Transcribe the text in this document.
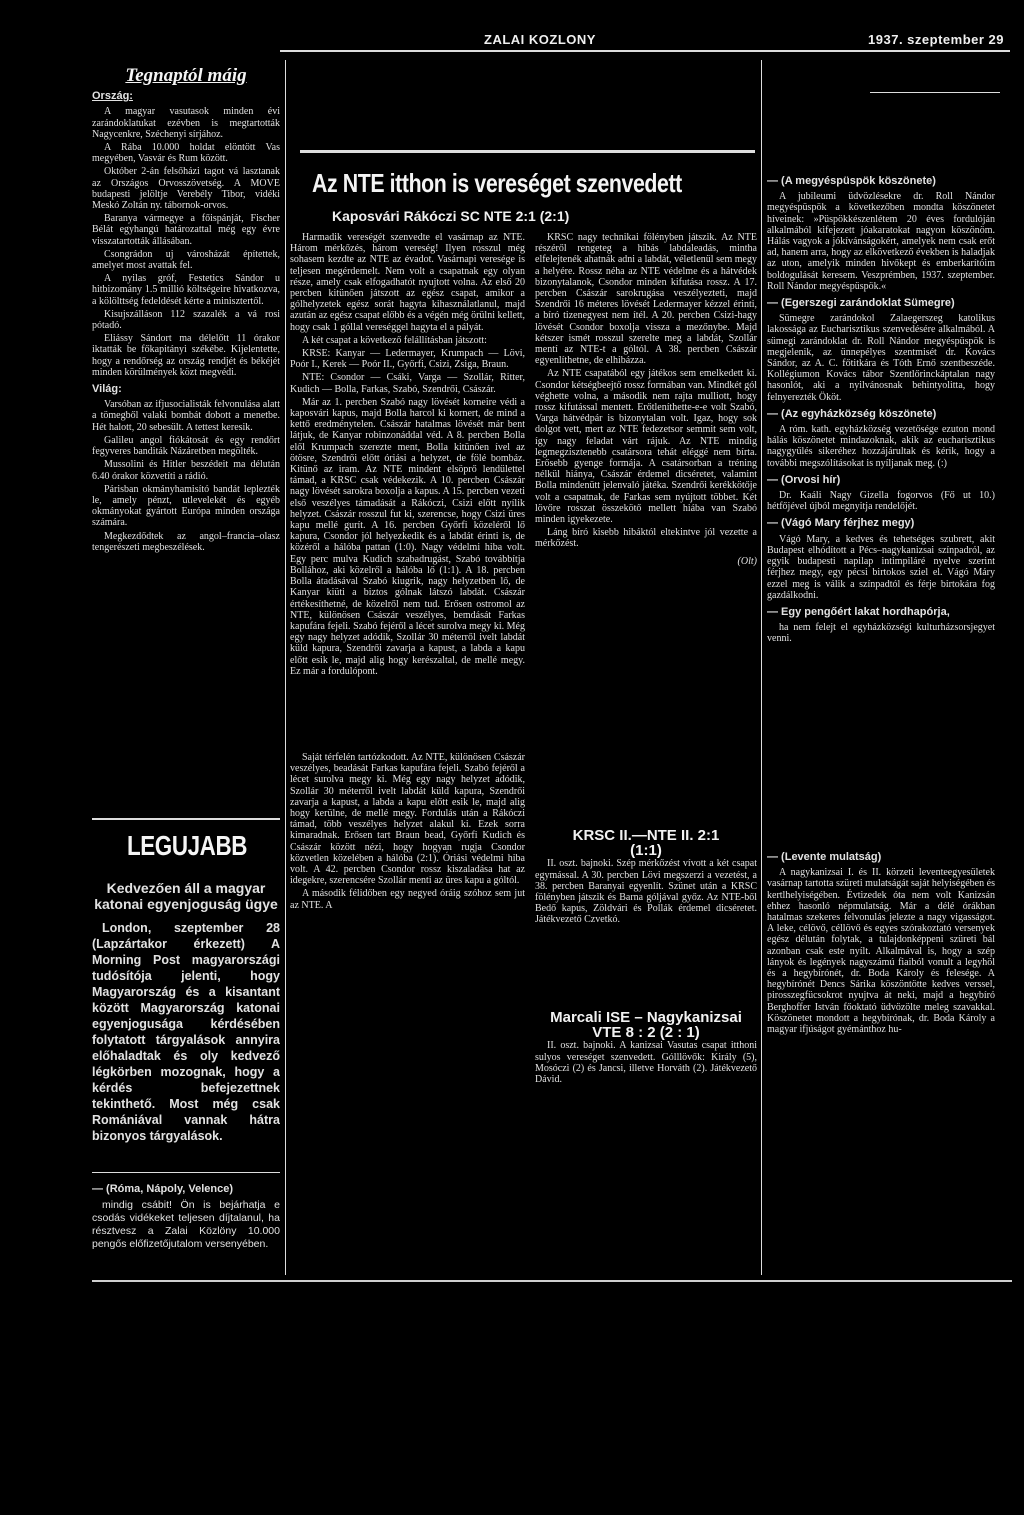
ZALAI KOZLONY	1937. szeptember 29
Tegnaptól máig
Ország:

A magyar vasutasok minden évi zarándoklatukat ezévben is megtartották Nagycenkre, Széchenyi sírjához.

A Rába 10.000 holdat elöntött Vas megyében, Vasvár és Rum között.

Október 2-án felsőházi tagot vá lasztanak az Országos Orvosszövetség. A MOVE budapesti jelöltje Verebély Tibor, vidéki Meskó Zoltán ny. tábornok-orvos.

Baranya vármegye a főispánját, Fischer Bélát egyhangú határozattal még egy évre visszatartották állásában.

Csongrádon uj városházát építettek, amelyet most avattak fel.

A nyilas gróf, Festetics Sándor u hitbizomány 1.5 millió költségeire hivatkozva, a kölölttség fedeldését kérte a minisztertől.

Kisujszálláson 112 szazalék a vá rosi pótadó.

Eliássy Sándort ma délelőtt 11 órakor iktatták be főkapitányi székébe. Kijelentette, hogy a rendőrség az ország rendjét és békéjét minden körülmények közt megvédi.

Világ:

Varsóban az ifjusocialisták felvonulása alatt a tömegből valaki bombát dobott a menetbe. Hét halott, 20 sebesült. A tettest keresik.

Galileu angol fiókátosát és egy rendőrt fegyveres banditák Názáretben megölték.

Mussolini és Hitler beszédeit ma délután 6.40 órakor közvetíti a rádió.

Párisban okmányhamisító bandát leplezték le, amely pénzt, utlevelekét és egyéb okmányokat gyártott Európa minden országa számára.

Megkezdődtek az angol–francia–olasz tengerészeti megbeszélések.

LEGUJABB

Kedvezően áll a magyar katonai egyenjoguság ügye

London, szeptember 28 (Lapzártakor érkezett) A Morning Post magyarországi tudósítója jelenti, hogy Magyarország és a kisantant között Magyarország katonai egyenjogusága kérdésében folytatott tárgyalások annyira előhaladtak és oly kedvező légkörben mozognak, hogy a kérdés befejezettnek tekinthető. Most még csak Romániával vannak hátra bizonyos tárgyalások.

— (Róma, Nápoly, Velence)

mindig csábit! Ön is bejárhatja e csodás vidékeket teljesen díjtalanul, ha résztvesz a Zalai Közlöny 10.000 pengős előfizetőjutalom versenyében.

Az NTE itthon is vereséget szenvedett
Kaposvári Rákóczi SC NTE 2:1 (2:1)

Harmadik vereségét szenvedte el vasárnap az NTE. Három mérkőzés, három vereség! Ilyen rosszul még sohasem kezdte az NTE az évadot. Vasárnapi veresége is teljesen megérdemelt. Nem volt a csapatnak egy olyan része, amely csak elfogadhatót nyujtott volna. Az első 20 percben kitünően játszott az egész csapat, amikor a gólhelyzetek egész sorát hagyta kihasználatlanul, majd azután az egész csapat előbb és a végén még örülni kellett, hogy csak 1 góllal vereséggel hagyta el a pályát.

A két csapat a következő felállításban játszott:

KRSE: Kanyar — Ledermayer, Krumpach — Lövi, Poór I., Kerek — Poór II., Győrfi, Csizi, Zsiga, Braun.

NTE: Csondor — Csáki, Varga — Szollár, Ritter, Kudich — Bolla, Farkas, Szabó, Szendrői, Császár.

Már az 1. percben Szabó nagy lövését korneire védi a kaposvári kapus, majd Bolla harcol ki kornert, de mind a kettő eredménytelen. Császár hatalmas lövését már bent látjuk, de Kanyar robinzonáddal véd. A 8. percben Bolla elől Krumpach szerezte ment, Bolla kitünően ível az ötösre, Szendrői előtt óriási a helyzet, de fölé bombáz. Kitünő az iram. Az NTE mindent elsöprő lendülettel támad, a KRSC csak védekezik. A 10. percben Császár nagy lövését sarokra boxolja a kapus. A 15. percben vezeti első veszélyes támadását a Rákóczi, Csizi előtt nyílik helyzet. Császár rosszul fut ki, szerencse, hogy Csizi üres kapu mellé gurít. A 16. percben Győrfi közeléről lő kapura, Csondor jól helyezkedik és a labdát érinti is, de közéről a hálóba pattan (1:0). Nagy védelmi hiba volt. Egy perc mulva Kudich szabadrugást, Szabó továbbítja Bollához, aki közelről a hálóba lő (1:1). A 18. percben Bolla átadásával Szabó kiugrik, nagy helyzetben lő, de Kanyar kiüti a biztos gólnak látszó labdát. Császár értékesíthetné, de közelről nem tud. Erősen ostromol az NTE, különösen Császár veszélyes, bemdását Farkas kapufára fejeli. Szabó fejéről a lécet surolva megy ki. Még egy nagy helyzet adódik, Szollár 30 méterről ivelt labdát küld kapura, Szendrői zavarja a kapust, a labda a kapu előtt esik le, majd alig hogy kerészaltal, de mellé megy. Ez már a fordulópont.

KRSC nagy technikai fölényben játszik. Az NTE részéről rengeteg a hibás labdaleadás, mintha elfelejtenék ahatnák adni a labdát, véletlenül sem megy a helyére. Rossz néha az NTE védelme és a hátvédek bizonytalanok, Csondor minden kifutása rossz. A 17. percben Császár sarokrugása veszélyezteti, majd Szendrői 16 méteres lövését Ledermayer kézzel érinti, a bíró tizenegyest nem ítél. A 20. percben Csizi-hagy lövését Csondor boxolja vissza a mezőnybe. Majd kétszer ismét rosszul szerelte meg a labdát, Szollár mentí az NTE-t a góltól. A 38. percben Császár egyenlíthetne, de elhibázza.

Az NTE csapatából egy játékos sem emelkedett ki. Csondor kétségbeejtő rossz formában van. Mindkét gól véghette volna, a második nem rajta mulliott, hogy rossz kifutással mentett. Erőtleníthette-e-e volt Szabó, Varga hátvédpár is bizonytalan volt. Igaz, hogy sok dolgot vett, mert az NTE fedezetsor semmit sem volt, így nagy feladat várt rájuk. Az NTE mindig legmegzisztenebb csatársora tehát eléggé nem bírta. Erősebb gyenge formája. A csatársorban a tréning nélkül hiánya, Császár érdemel dicséretet, valamint Bolla mindenütt jelenvaló játéka. Szendrői kerékkötője volt a csapatnak, de Farkas sem nyújtott többet. Két lövőre rosszat összekötő mellett hiába van Szabó minden igyekezete.

Láng bíró kisebb hibáktól eltekintve jól vezette a mérkőzést.

(Olt)

Saját térfelén tartózkodott. Az NTE, különösen Császár veszélyes, beadását Farkas kapufára fejeli. Szabó fejéről a lécet surolva megy ki. Még egy nagy helyzet adódik, Szollár 30 méterről ivelt labdát küld kapura, Szendrői zavarja a kapust, a labda a kapu előtt esik le, majd alig hogy kerülne, de mellé megy. Fordulás után a Rákóczi támad, több veszélyes helyzet alakul ki. Ezek sorra kimaradnak. Erősen tart Braun bead, Győrfi Kudich és Császár között nézi, hogy hogyan rugja Csondor közvetlen közelében a hálóba (2:1). Óriási védelmi hiba volt. A 42. percben Csondor rossz kiszaladása hat az idegekre, szerencsére Szollár menti az üres kapu a góltól.

A második félidőben egy negyed óráig szóhoz sem jut az NTE. A

KRSC II.—NTE II. 2:1
(1:1)

II. oszt. bajnoki. Szép mérkőzést vívott a két csapat egymással. A 30. percben Lövi megszerzi a vezetést, a 38. percben Baranyai egyenlít. Szünet után a KRSC fölényben játszik és Barna góljával győz. Az NTE-ből Bedő kapus, Zöldvári és Pollák érdemel dicséretet. Játékvezető Czvetkó.

Marcali ISE – Nagykanizsai
VTE 8 : 2 (2 : 1)

II. oszt. bajnoki. A kanizsai Vasutas csapat itthoni sulyos vereséget szenvedett. Gólllövők: Király (5), Mosóczi (2) és Jancsi, illetve Horváth (2). Játékvezető Dávid.

— (A megyéspüspök köszönete)

A jubileumi üdvözlésekre dr. Roll Nándor megyéspüspök a következőben mondta köszönetet híveinek: »Püspökkészenlétem 20 éves fordulóján alkalmából kifejezett jóakaratokat nagyon köszönöm. Hálás vagyok a jókívánságokért, amelyek nem csak erőt ad, hanem arra, hogy az elkövetkező években is haladjak az uton, amelyik minden hivőkept és emberkarítóim boldogulását keresem. Veszprémben, 1937. szeptember. Roll Nándor megyéspüspök.«

— (Egerszegi zarándoklat Sümegre)

Sümegre zarándokol Zalaegerszeg katolikus lakossága az Eucharisztikus szenvedésére alkalmából. A sümegi zarándoklat dr. Roll Nándor megyéspüspök is megjelenik, az ünnepélyes szentmisét dr. Kovács Sándor, az A. C. főtitkára és Tóth Ernő szentbeszéde. Kollégiumon Kovács tábor Szentlőrinckáptalan nagy hasonlót, aki a nyilvánosnak behintyolitta, hogy felnyerezték Ököt.

— (Az egyházközség köszönete)

A róm. kath. egyházközség vezetősége ezuton mond hálás köszönetet mindazoknak, akik az eucharisztikus nagygyűlés sikeréhez hozzájárultak és kérik, hogy a további megszólításokat is nyíljanak meg. (:)

— (Orvosi hír)

Dr. Kaáli Nagy Gizella fogorvos (Fő ut 10.) hétfőjével újból megnyitja rendelőjét.

— (Vágó Mary férjhez megy)

Vágó Mary, a kedves és tehetséges szubrett, akit Budapest elhódított a Pécs–nagykanizsai színpadról, az egyik budapesti napilap intimpiláré nyelve szerint férjhez megy, egy pécsi birtokos sziel el. Vágó Máry ezzel meg is válik a színpadtól és férje birtokára fog gazdálkodni.

— Egy pengőért lakat hordhapórja,

ha nem felejt el egyházközségi kulturházsorsjegyet venni.

— (Levente mulatság)

A nagykanizsai I. és II. körzeti leventeegyesületek vasárnap tartotta szüreti mulatságát saját helyiségében és kertlhelyiségében. Évtizedek óta nem volt Kanizsán ehhez hasonló népmulatság. Már a délé órákban hatalmas szekeres felvonulás jelezte a nagy vigasságot. A leke, célövő, céllövő és egyes szórakoztató versenyek egész délután folytak, a tulajdonképpeni szüreti bál azonban csak este nyílt. Alkalmával is, hogy a szép lányok és legények nagyszámú fiaiból vonult a legyhöl és a hegybírónét, dr. Boda Károly és felesége. A hegybírónét Dencs Sárika köszöntötte kedves verssel, pirosszegfücsokrot nyujtva át neki, majd a hegybíró Berghoffer István főoktató üdvözölte meleg szavakkal. Köszönetet mondott a hegybírónak, dr. Boda Károly a magyar ifjúságot gyémánthoz hu-
